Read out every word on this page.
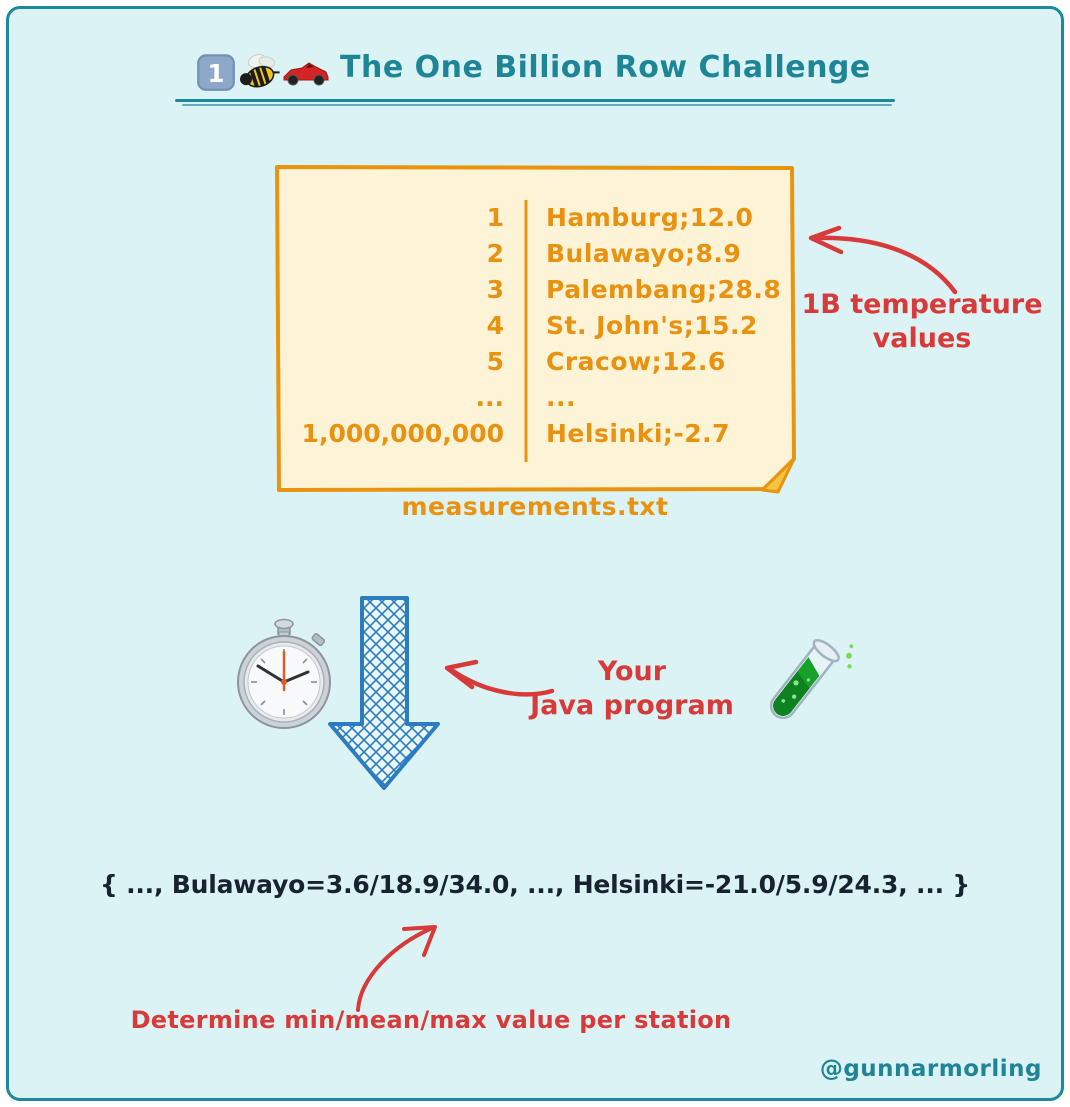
1	The One Billion Row Challenge
1 Hamburg;12.0
2 Bulawayo;8.9
3 Palembang;28.8
4 St. John's;15.2
5 Cracow;12.6
... ...
1,000,000,000 Helsinki;-2.7
measurements.txt
1B temperature values
Your
Java program
{ ..., Bulawayo=3.6/18.9/34.0, ..., Helsinki=-21.0/5.9/24.3, ... }
Determine min/mean/max value per station
@gunnarmorling
